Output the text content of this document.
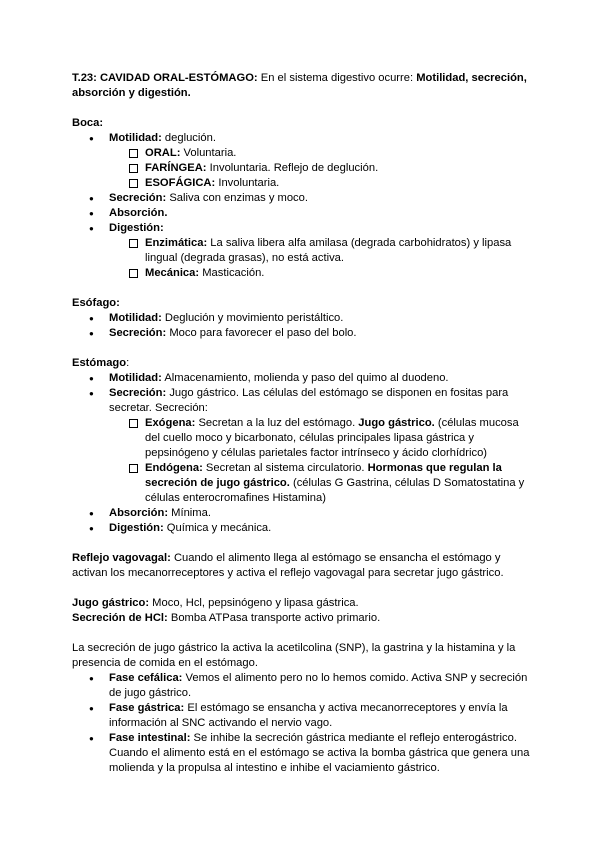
T.23: CAVIDAD ORAL-ESTÓMAGO: En el sistema digestivo ocurre: Motilidad, secreción, absorción y digestión.

Boca:

● Motilidad: deglución.
ORAL: Voluntaria.
FARÍNGEA: Involuntaria. Reflejo de deglución.
ESOFÁGICA: Involuntaria.
● Secreción: Saliva con enzimas y moco.
● Absorción.
● Digestión:
Enzimática: La saliva libera alfa amilasa (degrada carbohidratos) y lipasa lingual (degrada grasas), no está activa.
Mecánica: Masticación.

Esófago:

● Motilidad: Deglución y movimiento peristáltico.
● Secreción: Moco para favorecer el paso del bolo.

Estómago:

● Motilidad: Almacenamiento, molienda y paso del quimo al duodeno.
● Secreción: Jugo gástrico. Las células del estómago se disponen en fositas para secretar. Secreción:
Exógena: Secretan a la luz del estómago. Jugo gástrico. (células mucosa del cuello moco y bicarbonato, células principales lipasa gástrica y pepsinógeno y células parietales factor intrínseco y ácido clorhídrico)
Endógena: Secretan al sistema circulatorio. Hormonas que regulan la secreción de jugo gástrico. (células G Gastrina, células D Somatostatina y células enterocromafines Histamina)
● Absorción: Mínima.
● Digestión: Química y mecánica.

Reflejo vagovagal: Cuando el alimento llega al estómago se ensancha el estómago y activan los mecanorreceptores y activa el reflejo vagovagal para secretar jugo gástrico.

Jugo gástrico: Moco, Hcl, pepsinógeno y lipasa gástrica.

Secreción de HCl: Bomba ATPasa transporte activo primario.

La secreción de jugo gástrico la activa la acetilcolina (SNP), la gastrina y la histamina y la presencia de comida en el estómago.

● Fase cefálica: Vemos el alimento pero no lo hemos comido. Activa SNP y secreción de jugo gástrico.
● Fase gástrica: El estómago se ensancha y activa mecanorreceptores y envía la información al SNC activando el nervio vago.
● Fase intestinal: Se inhibe la secreción gástrica mediante el reflejo enterogástrico. Cuando el alimento está en el estómago se activa la bomba gástrica que genera una molienda y la propulsa al intestino e inhibe el vaciamiento gástrico.
